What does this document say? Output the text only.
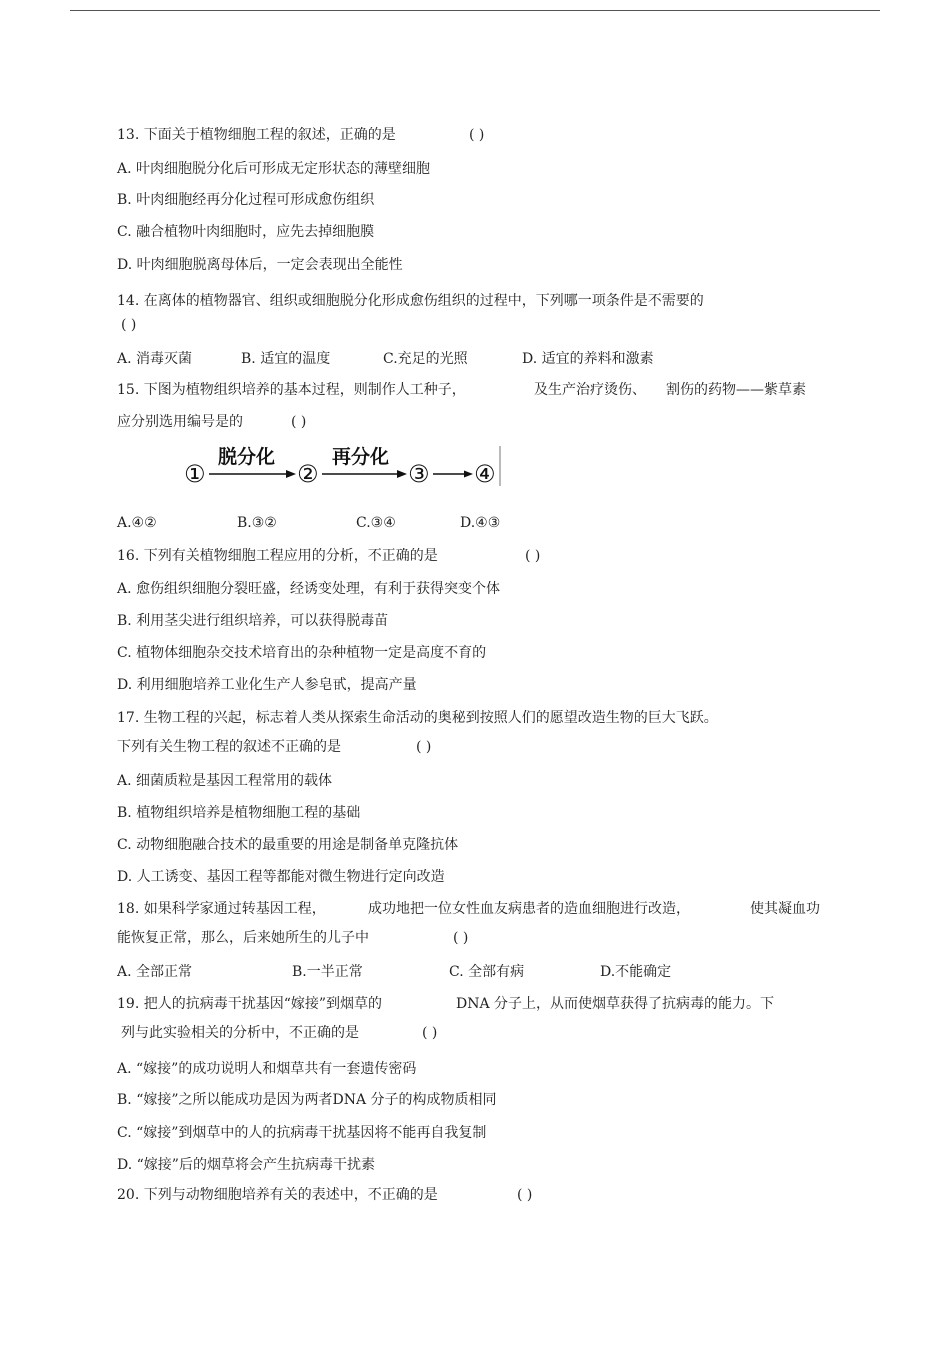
13. 下面关于植物细胞工程的叙述，正确的是	( )
A. 叶肉细胞脱分化后可形成无定形状态的薄壁细胞
B. 叶肉细胞经再分化过程可形成愈伤组织
C. 融合植物叶肉细胞时，应先去掉细胞膜
D. 叶肉细胞脱离母体后，一定会表现出全能性
14. 在离体的植物器官、组织或细胞脱分化形成愈伤组织的过程中，下列哪一项条件是不需要的
( )
A. 消毒灭菌	B. 适宜的温度	C.充足的光照	D. 适宜的养料和激素
15. 下图为植物组织培养的基本过程，则制作人工种子，	及生产治疗烫伤、 割伤的药物——紫草素
应分别选用编号是的	( )
脱分化	再分化
①	②	③ ④
A.④②	B.③②	C.③④	D.④③
16. 下列有关植物细胞工程应用的分析，不正确的是	( )
A. 愈伤组织细胞分裂旺盛，经诱变处理，有利于获得突变个体
B. 利用茎尖进行组织培养，可以获得脱毒苗
C. 植物体细胞杂交技术培育出的杂种植物一定是高度不育的
D. 利用细胞培养工业化生产人参皂甙，提高产量
17. 生物工程的兴起，标志着人类从探索生命活动的奥秘到按照人们的愿望改造生物的巨大飞跃。
下列有关生物工程的叙述不正确的是	( )
A. 细菌质粒是基因工程常用的载体
B. 植物组织培养是植物细胞工程的基础
C. 动物细胞融合技术的最重要的用途是制备单克隆抗体
D. 人工诱变、基因工程等都能对微生物进行定向改造
18. 如果科学家通过转基因工程，	成功地把一位女性血友病患者的造血细胞进行改造，	使其凝血功
能恢复正常，那么，后来她所生的儿子中	( )
A. 全部正常	B.一半正常	C. 全部有病	D.不能确定
19. 把人的抗病毒干扰基因“嫁接”到烟草的	DNA 分子上，从而使烟草获得了抗病毒的能力。下
列与此实验相关的分析中，不正确的是	( )
A. “嫁接”的成功说明人和烟草共有一套遗传密码
B. “嫁接”之所以能成功是因为两者DNA 分子的构成物质相同
C. “嫁接”到烟草中的人的抗病毒干扰基因将不能再自我复制
D. “嫁接”后的烟草将会产生抗病毒干扰素
20. 下列与动物细胞培养有关的表述中，不正确的是	( )
